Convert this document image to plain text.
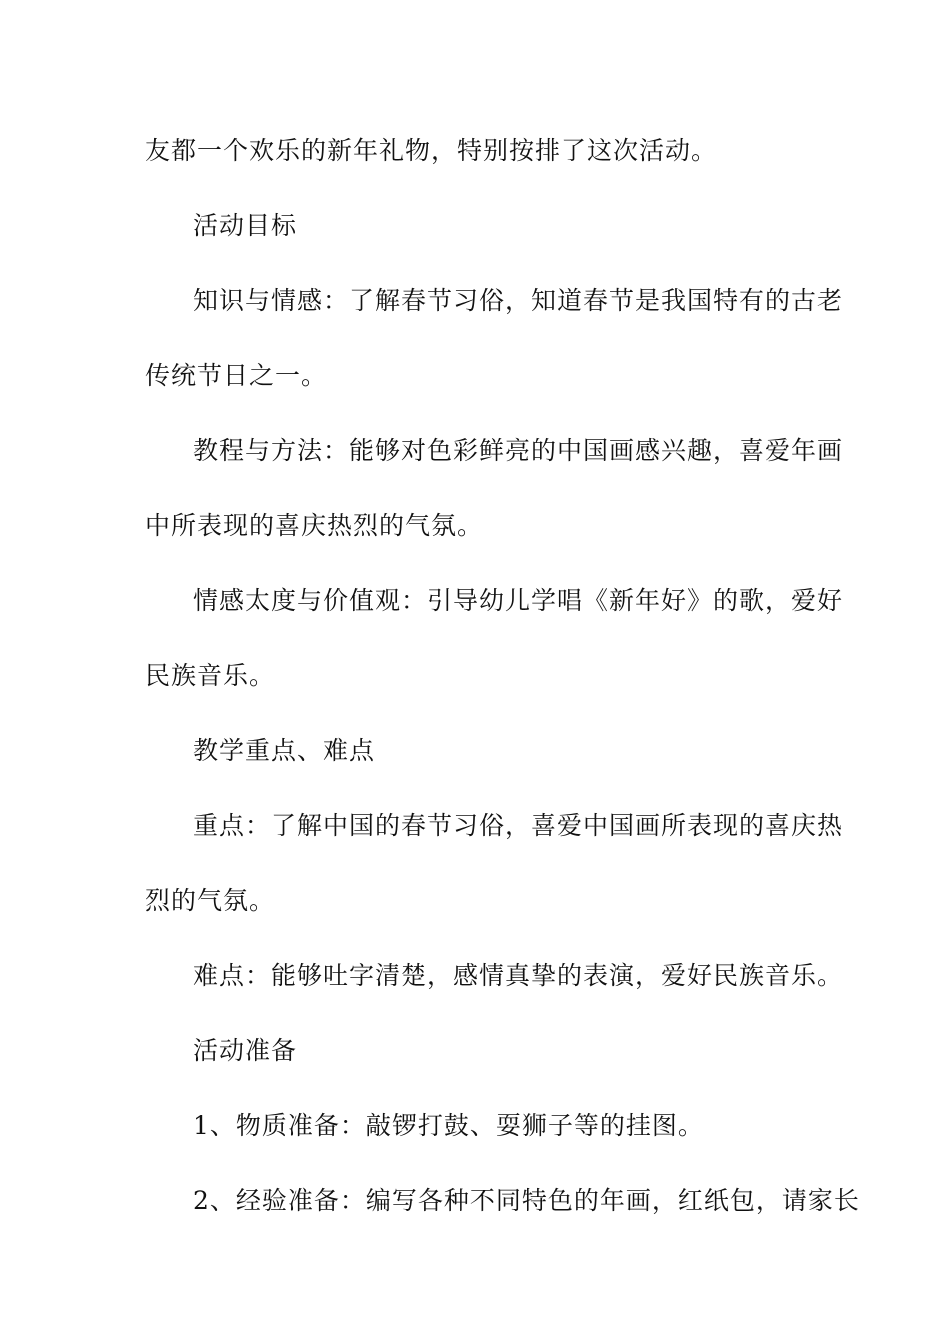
友都一个欢乐的新年礼物，特别按排了这次活动。
活动目标
知识与情感：了解春节习俗，知道春节是我国特有的古老
传统节日之一。
教程与方法：能够对色彩鲜亮的中国画感兴趣，喜爱年画
中所表现的喜庆热烈的气氛。
情感太度与价值观：引导幼儿学唱《新年好》的歌，爱好
民族音乐。
教学重点、难点
重点：了解中国的春节习俗，喜爱中国画所表现的喜庆热
烈的气氛。
难点：能够吐字清楚，感情真挚的表演，爱好民族音乐。
活动准备
1、物质准备：敲锣打鼓、耍狮子等的挂图。
2、经验准备：编写各种不同特色的年画，红纸包，请家长
